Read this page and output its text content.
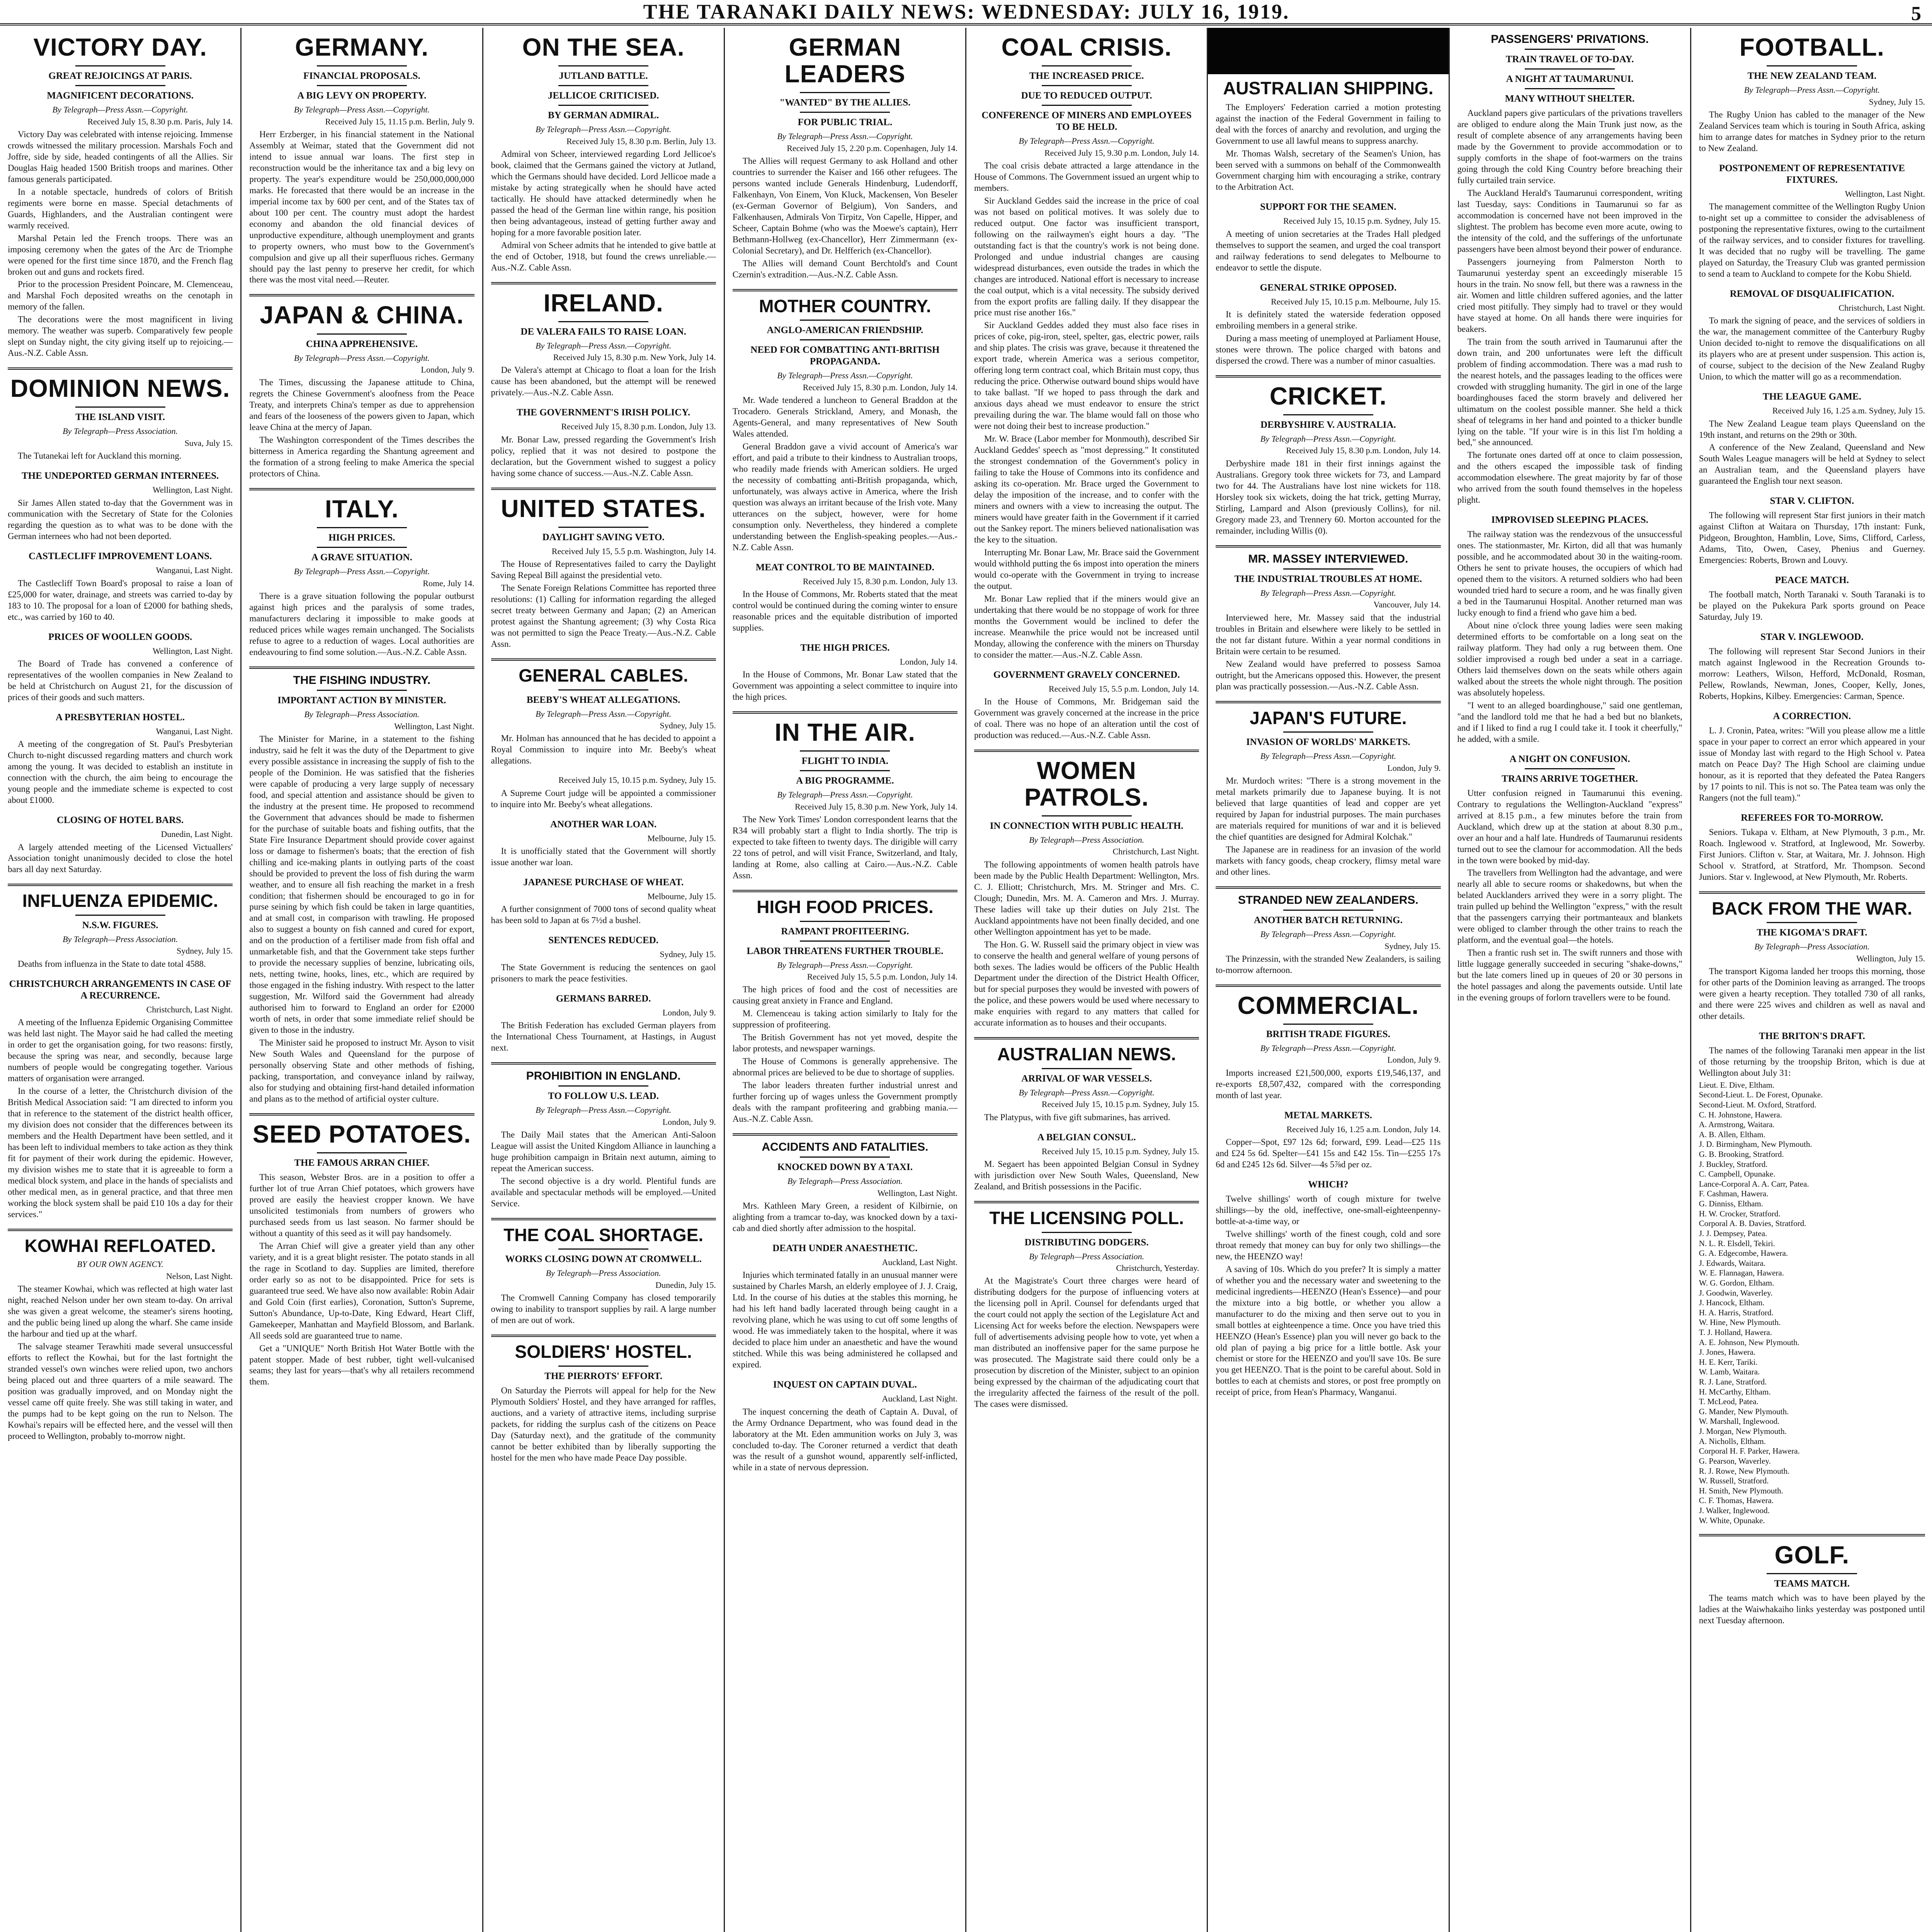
THE TARANAKI DAILY NEWS: WEDNESDAY: JULY 16, 1919.	5
VICTORY DAY.
GREAT REJOICINGS AT PARIS.
MAGNIFICENT DECORATIONS.
By Telegraph—Press Assn.—Copyright.
Received July 15, 8.30 p.m. Paris, July 14.

Victory Day was celebrated with intense rejoicing. Immense crowds witnessed the military procession. Marshals Foch and Joffre, side by side, headed contingents of all the Allies. Sir Douglas Haig headed 1500 British troops and marines. Other famous generals participated.

In a notable spectacle, hundreds of colors of British regiments were borne en masse. Special detachments of Guards, Highlanders, and the Australian contingent were warmly received.

Marshal Petain led the French troops. There was an imposing ceremony when the gates of the Arc de Triomphe were opened for the first time since 1870, and the French flag broken out and guns and rockets fired.

Prior to the procession President Poincare, M. Clemenceau, and Marshal Foch deposited wreaths on the cenotaph in memory of the fallen.

The decorations were the most magnificent in living memory. The weather was superb. Comparatively few people slept on Sunday night, the city giving itself up to rejoicing.—Aus.-N.Z. Cable Assn.

DOMINION NEWS.
THE ISLAND VISIT.
By Telegraph—Press Association.
Suva, July 15.

The Tutanekai left for Auckland this morning.

THE UNDEPORTED GERMAN INTERNEES.
Wellington, Last Night.

Sir James Allen stated to-day that the Government was in communication with the Secretary of State for the Colonies regarding the question as to what was to be done with the German internees who had not been deported.

CASTLECLIFF IMPROVEMENT LOANS.
Wanganui, Last Night.

The Castlecliff Town Board's proposal to raise a loan of £25,000 for water, drainage, and streets was carried to-day by 183 to 10. The proposal for a loan of £2000 for bathing sheds, etc., was carried by 160 to 40.

PRICES OF WOOLLEN GOODS.
Wellington, Last Night.

The Board of Trade has convened a conference of representatives of the woollen companies in New Zealand to be held at Christchurch on August 21, for the discussion of prices of their goods and such matters.

A PRESBYTERIAN HOSTEL.
Wanganui, Last Night.

A meeting of the congregation of St. Paul's Presbyterian Church to-night discussed regarding matters and church work among the young. It was decided to establish an institute in connection with the church, the aim being to encourage the young people and the immediate scheme is expected to cost about £1000.

CLOSING OF HOTEL BARS.
Dunedin, Last Night.

A largely attended meeting of the Licensed Victuallers' Association tonight unanimously decided to close the hotel bars all day next Saturday.

INFLUENZA EPIDEMIC.
N.S.W. FIGURES.
By Telegraph—Press Association.
Sydney, July 15.

Deaths from influenza in the State to date total 4588.

CHRISTCHURCH ARRANGEMENTS IN CASE OF A RECURRENCE.
Christchurch, Last Night.

A meeting of the Influenza Epidemic Organising Committee was held last night. The Mayor said he had called the meeting in order to get the organisation going, for two reasons: firstly, because the spring was near, and secondly, because large numbers of people would be congregating together. Various matters of organisation were arranged.

In the course of a letter, the Christchurch division of the British Medical Association said: "I am directed to inform you that in reference to the statement of the district health officer, my division does not consider that the differences between its members and the Health Department have been settled, and it has been left to individual members to take action as they think fit for payment of their work during the epidemic. However, my division wishes me to state that it is agreeable to form a medical block system, and place in the hands of specialists and other medical men, as in general practice, and that three men working the block system shall be paid £10 10s a day for their services."

KOWHAI REFLOATED.
BY OUR OWN AGENCY.
Nelson, Last Night.

The steamer Kowhai, which was reflected at high water last night, reached Nelson under her own steam to-day. On arrival she was given a great welcome, the steamer's sirens hooting, and the public being lined up along the wharf. She came inside the harbour and tied up at the wharf.

The salvage steamer Terawhiti made several unsuccessful efforts to reflect the Kowhai, but for the last fortnight the stranded vessel's own winches were relied upon, two anchors being placed out and three quarters of a mile seaward. The position was gradually improved, and on Monday night the vessel came off quite freely. She was still taking in water, and the pumps had to be kept going on the run to Nelson. The Kowhai's repairs will be effected here, and the vessel will then proceed to Wellington, probably to-morrow night.

GERMANY.
FINANCIAL PROPOSALS.
A BIG LEVY ON PROPERTY.
By Telegraph—Press Assn.—Copyright.
Received July 15, 11.15 p.m. Berlin, July 9.

Herr Erzberger, in his financial statement in the National Assembly at Weimar, stated that the Government did not intend to issue annual war loans. The first step in reconstruction would be the inheritance tax and a big levy on property. The year's expenditure would be 250,000,000,000 marks. He forecasted that there would be an increase in the imperial income tax by 600 per cent, and of the States tax of about 100 per cent. The country must adopt the hardest economy and abandon the old financial devices of unproductive expenditure, although unemployment and grants to property owners, who must bow to the Government's compulsion and give up all their superfluous riches. Germany should pay the last penny to preserve her credit, for which there was the most vital need.—Reuter.

JAPAN & CHINA.
CHINA APPREHENSIVE.
By Telegraph—Press Assn.—Copyright.
London, July 9.

The Times, discussing the Japanese attitude to China, regrets the Chinese Government's aloofness from the Peace Treaty, and interprets China's temper as due to apprehension and fears of the looseness of the powers given to Japan, which leave China at the mercy of Japan.

The Washington correspondent of the Times describes the bitterness in America regarding the Shantung agreement and the formation of a strong feeling to make America the special protectors of China.

ITALY.
HIGH PRICES.
A GRAVE SITUATION.
By Telegraph—Press Assn.—Copyright.
Rome, July 14.

There is a grave situation following the popular outburst against high prices and the paralysis of some trades, manufacturers declaring it impossible to make goods at reduced prices while wages remain unchanged. The Socialists refuse to agree to a reduction of wages. Local authorities are endeavouring to find some solution.—Aus.-N.Z. Cable Assn.

THE FISHING INDUSTRY.
IMPORTANT ACTION BY MINISTER.
By Telegraph—Press Association.
Wellington, Last Night.

The Minister for Marine, in a statement to the fishing industry, said he felt it was the duty of the Department to give every possible assistance in increasing the supply of fish to the people of the Dominion. He was satisfied that the fisheries were capable of producing a very large supply of necessary food, and special attention and assistance should be given to the industry at the present time. He proposed to recommend the Government that advances should be made to fishermen for the purchase of suitable boats and fishing outfits, that the State Fire Insurance Department should provide cover against loss or damage to fishermen's boats; that the erection of fish chilling and ice-making plants in outlying parts of the coast should be provided to prevent the loss of fish during the warm weather, and to ensure all fish reaching the market in a fresh condition; that fishermen should be encouraged to go in for purse seining by which fish could be taken in large quantities, and at small cost, in comparison with trawling. He proposed also to suggest a bounty on fish canned and cured for export, and on the production of a fertiliser made from fish offal and unmarketable fish, and that the Government take steps further to provide the necessary supplies of benzine, lubricating oils, nets, netting twine, hooks, lines, etc., which are required by those engaged in the fishing industry. With respect to the latter suggestion, Mr. Wilford said the Government had already authorised him to forward to England an order for £2000 worth of nets, in order that some immediate relief should be given to those in the industry.

The Minister said he proposed to instruct Mr. Ayson to visit New South Wales and Queensland for the purpose of personally observing State and other methods of fishing, packing, transportation, and conveyance inland by railway, also for studying and obtaining first-hand detailed information and plans as to the method of artificial oyster culture.

SEED POTATOES.
THE FAMOUS ARRAN CHIEF.

This season, Webster Bros. are in a position to offer a further lot of true Arran Chief potatoes, which growers have proved are easily the heaviest cropper known. We have unsolicited testimonials from numbers of growers who purchased seeds from us last season. No farmer should be without a quantity of this seed as it will pay handsomely.

The Arran Chief will give a greater yield than any other variety, and it is a great blight resister. The potato stands in all the rage in Scotland to day. Supplies are limited, therefore order early so as not to be disappointed. Price for sets is guaranteed true seed. We have also now available: Robin Adair and Gold Coin (first earlies), Coronation, Sutton's Supreme, Sutton's Abundance, Up-to-Date, King Edward, Heart Cliff, Gamekeeper, Manhattan and Mayfield Blossom, and Barlank. All seeds sold are guaranteed true to name.

Get a "UNIQUE" North British Hot Water Bottle with the patent stopper. Made of best rubber, tight well-vulcanised seams; they last for years—that's why all retailers recommend them.

ON THE SEA.
JUTLAND BATTLE.
JELLICOE CRITICISED.
BY GERMAN ADMIRAL.
By Telegraph—Press Assn.—Copyright.
Received July 15, 8.30 p.m. Berlin, July 13.

Admiral von Scheer, interviewed regarding Lord Jellicoe's book, claimed that the Germans gained the victory at Jutland, which the Germans should have decided. Lord Jellicoe made a mistake by acting strategically when he should have acted tactically. He should have attacked determinedly when he passed the head of the German line within range, his position then being advantageous, instead of getting further away and hoping for a more favorable position later.

Admiral von Scheer admits that he intended to give battle at the end of October, 1918, but found the crews unreliable.—Aus.-N.Z. Cable Assn.

IRELAND.
DE VALERA FAILS TO RAISE LOAN.
By Telegraph—Press Assn.—Copyright.
Received July 15, 8.30 p.m. New York, July 14.

De Valera's attempt at Chicago to float a loan for the Irish cause has been abandoned, but the attempt will be renewed privately.—Aus.-N.Z. Cable Assn.

THE GOVERNMENT'S IRISH POLICY.
Received July 15, 8.30 p.m. London, July 13.

Mr. Bonar Law, pressed regarding the Government's Irish policy, replied that it was not desired to postpone the declaration, but the Government wished to suggest a policy having some chance of success.—Aus.-N.Z. Cable Assn.

UNITED STATES.
DAYLIGHT SAVING VETO.
Received July 15, 5.5 p.m. Washington, July 14.

The House of Representatives failed to carry the Daylight Saving Repeal Bill against the presidential veto.

The Senate Foreign Relations Committee has reported three resolutions: (1) Calling for information regarding the alleged secret treaty between Germany and Japan; (2) an American protest against the Shantung agreement; (3) why Costa Rica was not permitted to sign the Peace Treaty.—Aus.-N.Z. Cable Assn.

GENERAL CABLES.
BEEBY'S WHEAT ALLEGATIONS.
By Telegraph—Press Assn.—Copyright.
Sydney, July 15.

Mr. Holman has announced that he has decided to appoint a Royal Commission to inquire into Mr. Beeby's wheat allegations.

Received July 15, 10.15 p.m. Sydney, July 15.

A Supreme Court judge will be appointed a commissioner to inquire into Mr. Beeby's wheat allegations.

ANOTHER WAR LOAN.
Melbourne, July 15.

It is unofficially stated that the Government will shortly issue another war loan.

JAPANESE PURCHASE OF WHEAT.
Melbourne, July 15.

A further consignment of 7000 tons of second quality wheat has been sold to Japan at 6s 7½d a bushel.

SENTENCES REDUCED.
Sydney, July 15.

The State Government is reducing the sentences on gaol prisoners to mark the peace festivities.

GERMANS BARRED.
London, July 9.

The British Federation has excluded German players from the International Chess Tournament, at Hastings, in August next.

PROHIBITION IN ENGLAND.
TO FOLLOW U.S. LEAD.
By Telegraph—Press Assn.—Copyright.
London, July 9.

The Daily Mail states that the American Anti-Saloon League will assist the United Kingdom Alliance in launching a huge prohibition campaign in Britain next autumn, aiming to repeat the American success.

The second objective is a dry world. Plentiful funds are available and spectacular methods will be employed.—United Service.

THE COAL SHORTAGE.
WORKS CLOSING DOWN AT CROMWELL.
By Telegraph—Press Association.
Dunedin, July 15.

The Cromwell Canning Company has closed temporarily owing to inability to transport supplies by rail. A large number of men are out of work.

SOLDIERS' HOSTEL.
THE PIERROTS' EFFORT.

On Saturday the Pierrots will appeal for help for the New Plymouth Soldiers' Hostel, and they have arranged for raffles, auctions, and a variety of attractive items, including surprise packets, for ridding the surplus cash of the citizens on Peace Day (Saturday next), and the gratitude of the community cannot be better exhibited than by liberally supporting the hostel for the men who have made Peace Day possible.

GERMAN LEADERS
"WANTED" BY THE ALLIES.
FOR PUBLIC TRIAL.
By Telegraph—Press Assn.—Copyright.
Received July 15, 2.20 p.m. Copenhagen, July 14.

The Allies will request Germany to ask Holland and other countries to surrender the Kaiser and 166 other refugees. The persons wanted include Generals Hindenburg, Ludendorff, Falkenhayn, Von Einem, Von Kluck, Mackensen, Von Beseler (ex-German Governor of Belgium), Von Sanders, and Falkenhausen, Admirals Von Tirpitz, Von Capelle, Hipper, and Scheer, Captain Bohme (who was the Moewe's captain), Herr Bethmann-Hollweg (ex-Chancellor), Herr Zimmermann (ex-Colonial Secretary), and Dr. Helfferich (ex-Chancellor).

The Allies will demand Count Berchtold's and Count Czernin's extradition.—Aus.-N.Z. Cable Assn.

MOTHER COUNTRY.
ANGLO-AMERICAN FRIENDSHIP.
NEED FOR COMBATTING ANTI-BRITISH PROPAGANDA.
By Telegraph—Press Assn.—Copyright.
Received July 15, 8.30 p.m. London, July 14.

Mr. Wade tendered a luncheon to General Braddon at the Trocadero. Generals Strickland, Amery, and Monash, the Agents-General, and many representatives of New South Wales attended.

General Braddon gave a vivid account of America's war effort, and paid a tribute to their kindness to Australian troops, who readily made friends with American soldiers. He urged the necessity of combatting anti-British propaganda, which, unfortunately, was always active in America, where the Irish question was always an irritant because of the Irish vote. Many utterances on the subject, however, were for home consumption only. Nevertheless, they hindered a complete understanding between the English-speaking peoples.—Aus.-N.Z. Cable Assn.

MEAT CONTROL TO BE MAINTAINED.
Received July 15, 8.30 p.m. London, July 13.

In the House of Commons, Mr. Roberts stated that the meat control would be continued during the coming winter to ensure reasonable prices and the equitable distribution of imported supplies.

THE HIGH PRICES.
London, July 14.

In the House of Commons, Mr. Bonar Law stated that the Government was appointing a select committee to inquire into the high prices.

IN THE AIR.
FLIGHT TO INDIA.
A BIG PROGRAMME.
By Telegraph—Press Assn.—Copyright.
Received July 15, 8.30 p.m. New York, July 14.

The New York Times' London correspondent learns that the R34 will probably start a flight to India shortly. The trip is expected to take fifteen to twenty days. The dirigible will carry 22 tons of petrol, and will visit France, Switzerland, and Italy, landing at Rome, also calling at Cairo.—Aus.-N.Z. Cable Assn.

HIGH FOOD PRICES.
RAMPANT PROFITEERING.
LABOR THREATENS FURTHER TROUBLE.
By Telegraph—Press Assn.—Copyright.
Received July 15, 5.5 p.m. London, July 14.

The high prices of food and the cost of necessities are causing great anxiety in France and England.

M. Clemenceau is taking action similarly to Italy for the suppression of profiteering.

The British Government has not yet moved, despite the labor protests, and newspaper warnings.

The House of Commons is generally apprehensive. The abnormal prices are believed to be due to shortage of supplies.

The labor leaders threaten further industrial unrest and further forcing up of wages unless the Government promptly deals with the rampant profiteering and grabbing mania.—Aus.-N.Z. Cable Assn.

ACCIDENTS AND FATALITIES.
KNOCKED DOWN BY A TAXI.
By Telegraph—Press Association.
Wellington, Last Night.

Mrs. Kathleen Mary Green, a resident of Kilbirnie, on alighting from a tramcar to-day, was knocked down by a taxi-cab and died shortly after admission to the hospital.

DEATH UNDER ANAESTHETIC.
Auckland, Last Night.

Injuries which terminated fatally in an unusual manner were sustained by Charles Marsh, an elderly employee of J. J. Craig, Ltd. In the course of his duties at the stables this morning, he had his left hand badly lacerated through being caught in a revolving plane, which he was using to cut off some lengths of wood. He was immediately taken to the hospital, where it was decided to place him under an anaesthetic and have the wound stitched. While this was being administered he collapsed and expired.

INQUEST ON CAPTAIN DUVAL.
Auckland, Last Night.

The inquest concerning the death of Captain A. Duval, of the Army Ordnance Department, who was found dead in the laboratory at the Mt. Eden ammunition works on July 3, was concluded to-day. The Coroner returned a verdict that death was the result of a gunshot wound, apparently self-inflicted, while in a state of nervous depression.

COAL CRISIS.
THE INCREASED PRICE.
DUE TO REDUCED OUTPUT.
CONFERENCE OF MINERS AND EMPLOYEES TO BE HELD.
By Telegraph—Press Assn.—Copyright.
Received July 15, 9.30 p.m. London, July 14.

The coal crisis debate attracted a large attendance in the House of Commons. The Government issued an urgent whip to members.

Sir Auckland Geddes said the increase in the price of coal was not based on political motives. It was solely due to reduced output. One factor was insufficient transport, following on the railwaymen's eight hours a day. "The outstanding fact is that the country's work is not being done. Prolonged and undue industrial changes are causing widespread disturbances, even outside the trades in which the changes are introduced. National effort is necessary to increase the coal output, which is a vital necessity. The subsidy derived from the export profits are falling daily. If they disappear the price must rise another 16s."

Sir Auckland Geddes added they must also face rises in prices of coke, pig-iron, steel, spelter, gas, electric power, rails and ship plates. The crisis was grave, because it threatened the export trade, wherein America was a serious competitor, offering long term contract coal, which Britain must copy, thus reducing the price. Otherwise outward bound ships would have to take ballast. "If we hoped to pass through the dark and anxious days ahead we must endeavor to ensure the strict prevailing during the war. The blame would fall on those who were not doing their best to increase production."

Mr. W. Brace (Labor member for Monmouth), described Sir Auckland Geddes' speech as "most depressing." It constituted the strongest condemnation of the Government's policy in failing to take the House of Commons into its confidence and asking its co-operation. Mr. Brace urged the Government to delay the imposition of the increase, and to confer with the miners and owners with a view to increasing the output. The miners would have greater faith in the Government if it carried out the Sankey report. The miners believed nationalisation was the key to the situation.

Interrupting Mr. Bonar Law, Mr. Brace said the Government would withhold putting the 6s impost into operation the miners would co-operate with the Government in trying to increase the output.

Mr. Bonar Law replied that if the miners would give an undertaking that there would be no stoppage of work for three months the Government would be inclined to defer the increase. Meanwhile the price would not be increased until Monday, allowing the conference with the miners on Thursday to consider the matter.—Aus.-N.Z. Cable Assn.

GOVERNMENT GRAVELY CONCERNED.
Received July 15, 5.5 p.m. London, July 14.

In the House of Commons, Mr. Bridgeman said the Government was gravely concerned at the increase in the price of coal. There was no hope of an alteration until the cost of production was reduced.—Aus.-N.Z. Cable Assn.

WOMEN PATROLS.
IN CONNECTION WITH PUBLIC HEALTH.
By Telegraph—Press Association.
Christchurch, Last Night.

The following appointments of women health patrols have been made by the Public Health Department: Wellington, Mrs. C. J. Elliott; Christchurch, Mrs. M. Stringer and Mrs. C. Clough; Dunedin, Mrs. M. A. Cameron and Mrs. J. Murray. These ladies will take up their duties on July 21st. The Auckland appointments have not been finally decided, and one other Wellington appointment has yet to be made.

The Hon. G. W. Russell said the primary object in view was to conserve the health and general welfare of young persons of both sexes. The ladies would be officers of the Public Health Department under the direction of the District Health Officer, but for special purposes they would be invested with powers of the police, and these powers would be used where necessary to make enquiries with regard to any matters that called for accurate information as to houses and their occupants.

AUSTRALIAN NEWS.
ARRIVAL OF WAR VESSELS.
By Telegraph—Press Assn.—Copyright.
Received July 15, 10.15 p.m. Sydney, July 15.

The Platypus, with five gift submarines, has arrived.

A BELGIAN CONSUL.
Received July 15, 10.15 p.m. Sydney, July 15.

M. Segaert has been appointed Belgian Consul in Sydney with jurisdiction over New South Wales, Queensland, New Zealand, and British possessions in the Pacific.

THE LICENSING POLL.
DISTRIBUTING DODGERS.
By Telegraph—Press Association.
Christchurch, Yesterday.

At the Magistrate's Court three charges were heard of distributing dodgers for the purpose of influencing voters at the licensing poll in April. Counsel for defendants urged that the court could not apply the section of the Legislature Act and Licensing Act for weeks before the election. Newspapers were full of advertisements advising people how to vote, yet when a man distributed an inoffensive paper for the same purpose he was prosecuted. The Magistrate said there could only be a prosecution by discretion of the Minister, subject to an opinion being expressed by the chairman of the adjudicating court that the irregularity affected the fairness of the result of the poll. The cases were dismissed.

AUSTRALIAN SHIPPING.

The Employers' Federation carried a motion protesting against the inaction of the Federal Government in failing to deal with the forces of anarchy and revolution, and urging the Government to use all lawful means to suppress anarchy.

Mr. Thomas Walsh, secretary of the Seamen's Union, has been served with a summons on behalf of the Commonwealth Government charging him with encouraging a strike, contrary to the Arbitration Act.

SUPPORT FOR THE SEAMEN.
Received July 15, 10.15 p.m. Sydney, July 15.

A meeting of union secretaries at the Trades Hall pledged themselves to support the seamen, and urged the coal transport and railway federations to send delegates to Melbourne to endeavor to settle the dispute.

GENERAL STRIKE OPPOSED.
Received July 15, 10.15 p.m. Melbourne, July 15.

It is definitely stated the waterside federation opposed embroiling members in a general strike.

During a mass meeting of unemployed at Parliament House, stones were thrown. The police charged with batons and dispersed the crowd. There was a number of minor casualties.

CRICKET.
DERBYSHIRE V. AUSTRALIA.
By Telegraph—Press Assn.—Copyright.
Received July 15, 8.30 p.m. London, July 14.

Derbyshire made 181 in their first innings against the Australians. Gregory took three wickets for 73, and Lampard two for 44. The Australians have lost nine wickets for 118. Horsley took six wickets, doing the hat trick, getting Murray, Stirling, Lampard and Alson (previously Collins), for nil. Gregory made 23, and Trennery 60. Morton accounted for the remainder, including Willis (0).

MR. MASSEY INTERVIEWED.
THE INDUSTRIAL TROUBLES AT HOME.
By Telegraph—Press Assn.—Copyright.
Vancouver, July 14.

Interviewed here, Mr. Massey said that the industrial troubles in Britain and elsewhere were likely to be settled in the not far distant future. Within a year normal conditions in Britain were certain to be resumed.

New Zealand would have preferred to possess Samoa outright, but the Americans opposed this. However, the present plan was practically possession.—Aus.-N.Z. Cable Assn.

JAPAN'S FUTURE.
INVASION OF WORLDS' MARKETS.
By Telegraph—Press Assn.—Copyright.
London, July 9.

Mr. Murdoch writes: "There is a strong movement in the metal markets primarily due to Japanese buying. It is not believed that large quantities of lead and copper are yet required by Japan for industrial purposes. The main purchases are materials required for munitions of war and it is believed the chief quantities are designed for Admiral Kolchak."

The Japanese are in readiness for an invasion of the world markets with fancy goods, cheap crockery, flimsy metal ware and other lines.

STRANDED NEW ZEALANDERS.
ANOTHER BATCH RETURNING.
By Telegraph—Press Assn.—Copyright.
Sydney, July 15.

The Prinzessin, with the stranded New Zealanders, is sailing to-morrow afternoon.

COMMERCIAL.
BRITISH TRADE FIGURES.
By Telegraph—Press Assn.—Copyright.
London, July 9.

Imports increased £21,500,000, exports £19,546,137, and re-exports £8,507,432, compared with the corresponding month of last year.

METAL MARKETS.
Received July 16, 1.25 a.m. London, July 14.

Copper—Spot, £97 12s 6d; forward, £99. Lead—£25 11s and £24 5s 6d. Spelter—£41 15s and £42 15s. Tin—£255 17s 6d and £245 12s 6d. Silver—4s 5⅞d per oz.

WHICH?

Twelve shillings' worth of cough mixture for twelve shillings—by the old, ineffective, one-small-eighteenpenny-bottle-at-a-time way, or

Twelve shillings' worth of the finest cough, cold and sore throat remedy that money can buy for only two shillings—the new, the HEENZO way!

A saving of 10s. Which do you prefer? It is simply a matter of whether you and the necessary water and sweetening to the medicinal ingredients—HEENZO (Hean's Essence)—and pour the mixture into a big bottle, or whether you allow a manufacturer to do the mixing and then serve out to you in small bottles at eighteenpence a time. Once you have tried this HEENZO (Hean's Essence) plan you will never go back to the old plan of paying a big price for a little bottle. Ask your chemist or store for the HEENZO and you'll save 10s. Be sure you get HEENZO. That is the point to be careful about. Sold in bottles to each at chemists and stores, or post free promptly on receipt of price, from Hean's Pharmacy, Wanganui.

PASSENGERS' PRIVATIONS.
TRAIN TRAVEL OF TO-DAY.
A NIGHT AT TAUMARUNUI.
MANY WITHOUT SHELTER.

Auckland papers give particulars of the privations travellers are obliged to endure along the Main Trunk just now, as the result of complete absence of any arrangements having been made by the Government to provide accommodation or to supply comforts in the shape of foot-warmers on the trains going through the cold King Country before breaching their fully curtailed train service.

The Auckland Herald's Taumarunui correspondent, writing last Tuesday, says: Conditions in Taumarunui so far as accommodation is concerned have not been improved in the slightest. The problem has become even more acute, owing to the intensity of the cold, and the sufferings of the unfortunate passengers have been almost beyond their power of endurance.

Passengers journeying from Palmerston North to Taumarunui yesterday spent an exceedingly miserable 15 hours in the train. No snow fell, but there was a rawness in the air. Women and little children suffered agonies, and the latter cried most pitifully. They simply had to travel or they would have stayed at home. On all hands there were inquiries for beakers.

The train from the south arrived in Taumarunui after the down train, and 200 unfortunates were left the difficult problem of finding accommodation. There was a mad rush to the nearest hotels, and the passages leading to the offices were crowded with struggling humanity. The girl in one of the large boardinghouses faced the storm bravely and delivered her ultimatum on the coolest possible manner. She held a thick sheaf of telegrams in her hand and pointed to a thicker bundle lying on the table. "If your wire is in this list I'm holding a bed," she announced.

The fortunate ones darted off at once to claim possession, and the others escaped the impossible task of finding accommodation elsewhere. The great majority by far of those who arrived from the south found themselves in the hopeless plight.

IMPROVISED SLEEPING PLACES.

The railway station was the rendezvous of the unsuccessful ones. The stationmaster, Mr. Kirton, did all that was humanly possible, and he accommodated about 30 in the waiting-room. Others he sent to private houses, the occupiers of which had opened them to the visitors. A returned soldiers who had been wounded tried hard to secure a room, and he was finally given a bed in the Taumarunui Hospital. Another returned man was lucky enough to find a friend who gave him a bed.

About nine o'clock three young ladies were seen making determined efforts to be comfortable on a long seat on the railway platform. They had only a rug between them. One soldier improvised a rough bed under a seat in a carriage. Others laid themselves down on the seats while others again walked about the streets the whole night through. The position was absolutely hopeless.

"I went to an alleged boardinghouse," said one gentleman, "and the landlord told me that he had a bed but no blankets, and if I liked to find a rug I could take it. I took it cheerfully," he added, with a smile.

A NIGHT ON CONFUSION.
TRAINS ARRIVE TOGETHER.

Utter confusion reigned in Taumarunui this evening. Contrary to regulations the Wellington-Auckland "express" arrived at 8.15 p.m., a few minutes before the train from Auckland, which drew up at the station at about 8.30 p.m., over an hour and a half late. Hundreds of Taumarunui residents turned out to see the clamour for accommodation. All the beds in the town were booked by mid-day.

The travellers from Wellington had the advantage, and were nearly all able to secure rooms or shakedowns, but when the belated Aucklanders arrived they were in a sorry plight. The train pulled up behind the Wellington "express," with the result that the passengers carrying their portmanteaux and blankets were obliged to clamber through the other trains to reach the platform, and the eventual goal—the hotels.

Then a frantic rush set in. The swift runners and those with little luggage generally succeeded in securing "shake-downs," but the late comers lined up in queues of 20 or 30 persons in the hotel passages and along the pavements outside. Until late in the evening groups of forlorn travellers were to be found.

FOOTBALL.
THE NEW ZEALAND TEAM.
By Telegraph—Press Assn.—Copyright.
Sydney, July 15.

The Rugby Union has cabled to the manager of the New Zealand Services team which is touring in South Africa, asking him to arrange dates for matches in Sydney prior to the return to New Zealand.

POSTPONEMENT OF REPRESENTATIVE FIXTURES.
Wellington, Last Night.

The management committee of the Wellington Rugby Union to-night set up a committee to consider the advisableness of postponing the representative fixtures, owing to the curtailment of the railway services, and to consider fixtures for travelling. It was decided that no rugby will be travelling. The game played on Saturday, the Treasury Club was granted permission to send a team to Auckland to compete for the Kobu Shield.

REMOVAL OF DISQUALIFICATION.
Christchurch, Last Night.

To mark the signing of peace, and the services of soldiers in the war, the management committee of the Canterbury Rugby Union decided to-night to remove the disqualifications on all its players who are at present under suspension. This action is, of course, subject to the decision of the New Zealand Rugby Union, to which the matter will go as a recommendation.

THE LEAGUE GAME.
Received July 16, 1.25 a.m. Sydney, July 15.

The New Zealand League team plays Queensland on the 19th instant, and returns on the 29th or 30th.

A conference of the New Zealand, Queensland and New South Wales League managers will be held at Sydney to select an Australian team, and the Queensland players have guaranteed the English tour next season.

STAR V. CLIFTON.

The following will represent Star first juniors in their match against Clifton at Waitara on Thursday, 17th instant: Funk, Pidgeon, Broughton, Hamblin, Love, Sims, Clifford, Carless, Adams, Tito, Owen, Casey, Phenius and Guerney. Emergencies: Roberts, Brown and Louvy.

PEACE MATCH.

The football match, North Taranaki v. South Taranaki is to be played on the Pukekura Park sports ground on Peace Saturday, July 19.

STAR V. INGLEWOOD.

The following will represent Star Second Juniors in their match against Inglewood in the Recreation Grounds to-morrow: Leathers, Wilson, Hefford, McDonald, Rosman, Pellew, Rowlands, Newman, Jones, Cooper, Kelly, Jones, Roberts, Hopkins, Kilbey. Emergencies: Carman, Spence.

A CORRECTION.

L. J. Cronin, Patea, writes: "Will you please allow me a little space in your paper to correct an error which appeared in your issue of Monday last with regard to the High School v. Patea match on Peace Day? The High School are claiming undue honour, as it is reported that they defeated the Patea Rangers by 17 points to nil. This is not so. The Patea team was only the Rangers (not the full team)."

REFEREES FOR TO-MORROW.

Seniors. Tukapa v. Eltham, at New Plymouth, 3 p.m., Mr. Roach. Inglewood v. Stratford, at Inglewood, Mr. Sowerby. First Juniors. Clifton v. Star, at Waitara, Mr. J. Johnson. High School v. Stratford, at Stratford, Mr. Thompson. Second Juniors. Star v. Inglewood, at New Plymouth, Mr. Roberts.

BACK FROM THE WAR.
THE KIGOMA'S DRAFT.
By Telegraph—Press Association.
Wellington, July 15.

The transport Kigoma landed her troops this morning, those for other parts of the Dominion leaving as arranged. The troops were given a hearty reception. They totalled 730 of all ranks, and there were 225 wives and children as well as naval and other details.

THE BRITON'S DRAFT.

The names of the following Taranaki men appear in the list of those returning by the troopship Briton, which is due at Wellington about July 31:

Lieut. E. Dive, Eltham.
Second-Lieut. L. De Forest, Opunake.
Second-Lieut. M. Oxford, Stratford.
C. H. Johnstone, Hawera.
A. Armstrong, Waitara.
A. B. Allen, Eltham.
J. D. Birmingham, New Plymouth.
G. B. Brooking, Stratford.
J. Buckley, Stratford.
C. Campbell, Opunake.
Lance-Corporal A. A. Carr, Patea.
F. Cashman, Hawera.
G. Dinniss, Eltham.
H. W. Crocker, Stratford.
Corporal A. B. Davies, Stratford.
J. J. Dempsey, Patea.
N. L. R. Elsdell, Tekiri.
G. A. Edgecombe, Hawera.
J. Edwards, Waitara.
W. E. Flannagan, Hawera.
W. G. Gordon, Eltham.
J. Goodwin, Waverley.
J. Hancock, Eltham.
H. A. Harris, Stratford.
W. Hine, New Plymouth.
T. J. Holland, Hawera.
A. E. Johnson, New Plymouth.
J. Jones, Hawera.
H. E. Kerr, Tariki.
W. Lamb, Waitara.
R. J. Lane, Stratford.
H. McCarthy, Eltham.
T. McLeod, Patea.
G. Mander, New Plymouth.
W. Marshall, Inglewood.
J. Morgan, New Plymouth.
A. Nicholls, Eltham.
Corporal H. F. Parker, Hawera.
G. Pearson, Waverley.
R. J. Rowe, New Plymouth.
W. Russell, Stratford.
H. Smith, New Plymouth.
C. F. Thomas, Hawera.
J. Walker, Inglewood.
W. White, Opunake.
GOLF.
TEAMS MATCH.

The teams match which was to have been played by the ladies at the Waiwhakaiho links yesterday was postponed until next Tuesday afternoon.
